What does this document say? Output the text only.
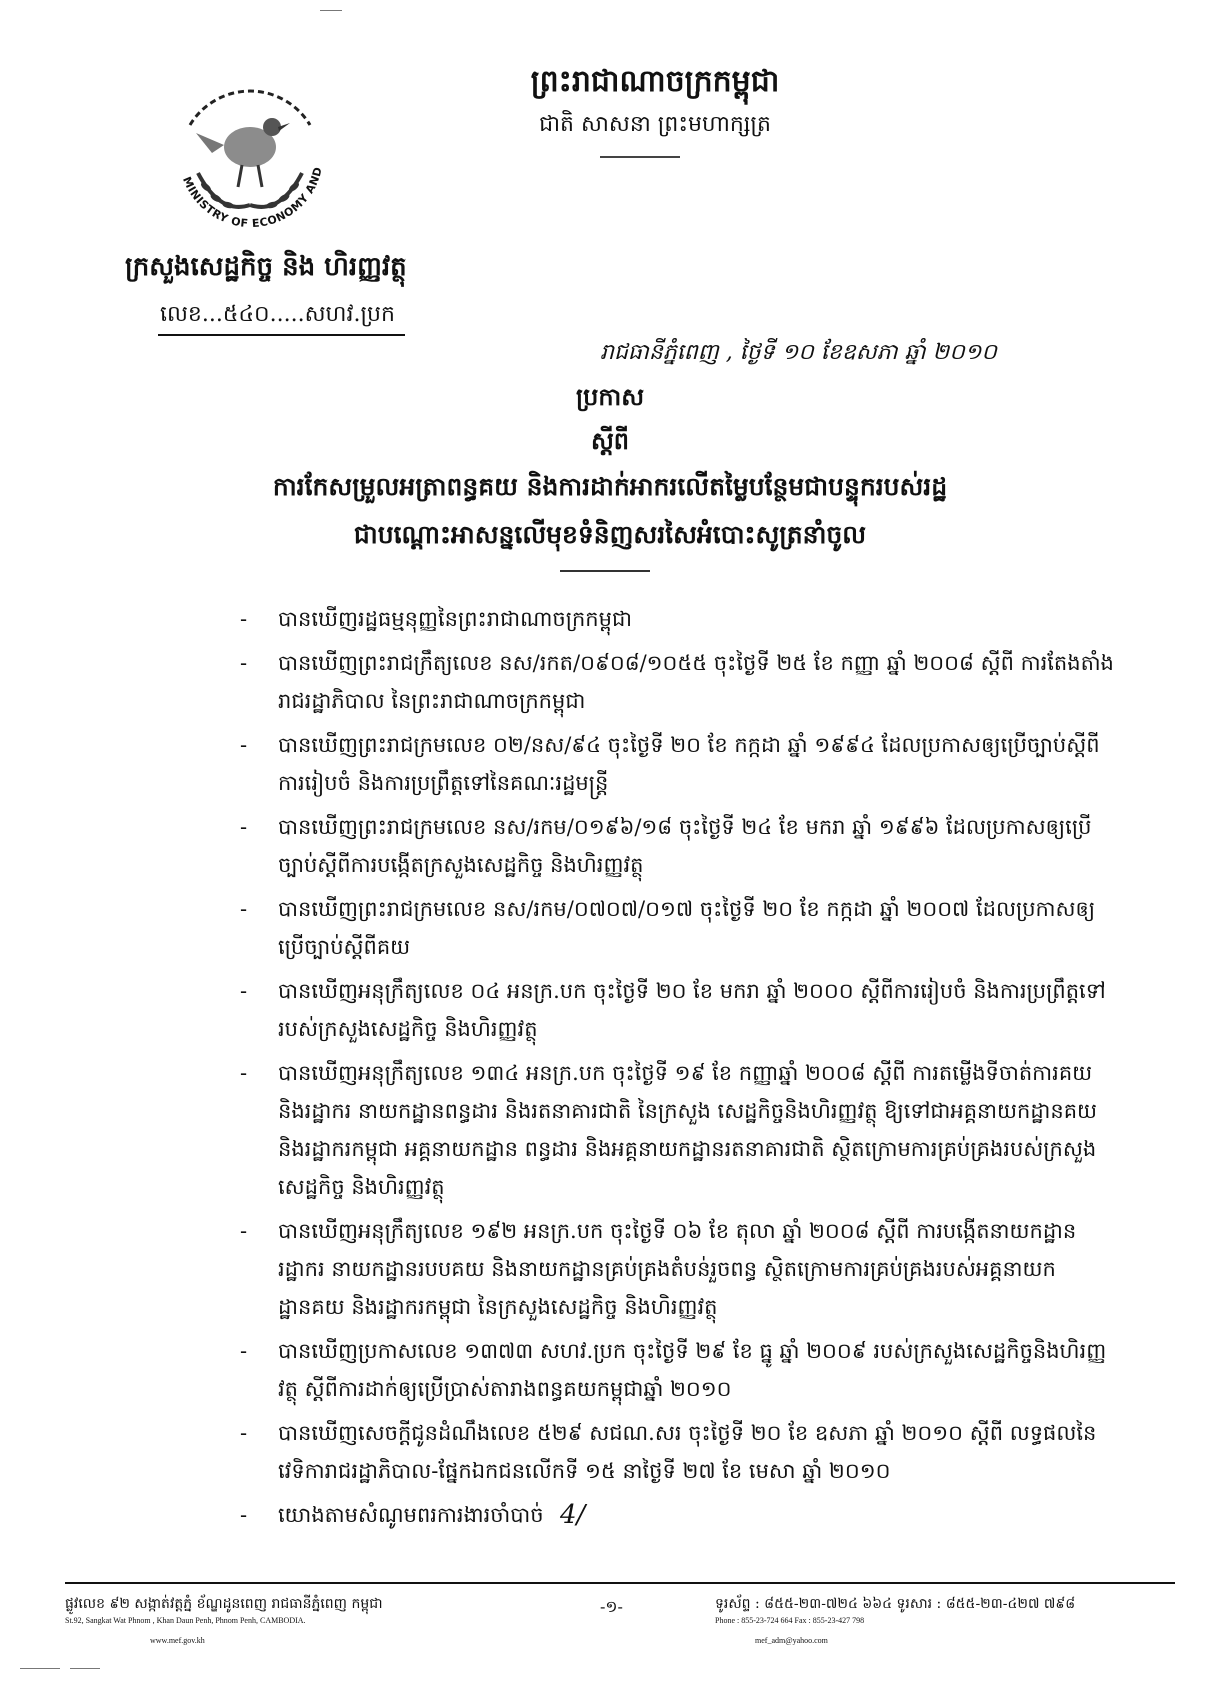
MINISTRY OF ECONOMY AND
ក្រសួងសេដ្ឋកិច្ច និង ហិរញ្ញវត្ថុ
លេខ...៥៤០.....សហវ.ប្រក
ព្រះរាជាណាចក្រកម្ពុជា
ជាតិ សាសនា ព្រះមហាក្សត្រ
រាជធានីភ្នំពេញ , ថ្ងៃទី ១០ ខែឧសភា ឆ្នាំ ២០១០
ប្រកាស
ស្តីពី
ការកែសម្រួលអត្រាពន្ធគយ និងការដាក់អាករលើតម្លៃបន្ថែមជាបន្ទុករបស់រដ្ឋ
ជាបណ្តោះអាសន្នលើមុខទំនិញសរសៃអំបោះសូត្រនាំចូល
- បានឃើញរដ្ឋធម្មនុញ្ញនៃព្រះរាជាណាចក្រកម្ពុជា

- បានឃើញព្រះរាជក្រឹត្យលេខ នស/រកត/០៩០៨/១០៥៥ ចុះថ្ងៃទី ២៥ ខែ កញ្ញា ឆ្នាំ ២០០៨ ស្តីពី ការតែងតាំងរាជរដ្ឋាភិបាល នៃព្រះរាជាណាចក្រកម្ពុជា

- បានឃើញព្រះរាជក្រមលេខ ០២/នស/៩៤ ចុះថ្ងៃទី ២០ ខែ កក្កដា ឆ្នាំ ១៩៩៤ ដែលប្រកាសឲ្យប្រើច្បាប់ស្តីពីការរៀបចំ និងការប្រព្រឹត្តទៅនៃគណៈរដ្ឋមន្ត្រី

- បានឃើញព្រះរាជក្រមលេខ នស/រកម/០១៩៦/១៨ ចុះថ្ងៃទី ២៤ ខែ មករា ឆ្នាំ ១៩៩៦ ដែលប្រកាសឲ្យប្រើច្បាប់ស្តីពីការបង្កើតក្រសួងសេដ្ឋកិច្ច និងហិរញ្ញវត្ថុ

- បានឃើញព្រះរាជក្រមលេខ នស/រកម/០៧០៧/០១៧ ចុះថ្ងៃទី ២០ ខែ កក្កដា ឆ្នាំ ២០០៧ ដែលប្រកាសឲ្យប្រើច្បាប់ស្តីពីគយ

- បានឃើញអនុក្រឹត្យលេខ ០៤ អនក្រ.បក ចុះថ្ងៃទី ២០ ខែ មករា ឆ្នាំ ២០០០ ស្តីពីការរៀបចំ និងការប្រព្រឹត្តទៅរបស់ក្រសួងសេដ្ឋកិច្ច និងហិរញ្ញវត្ថុ

- បានឃើញអនុក្រឹត្យលេខ ១៣៤ អនក្រ.បក ចុះថ្ងៃទី ១៩ ខែ កញ្ញាឆ្នាំ ២០០៨ ស្តីពី ការតម្លើងទីចាត់ការគយ និងរដ្ឋាករ នាយកដ្ឋានពន្ធដារ និងរតនាគារជាតិ នៃក្រសួង សេដ្ឋកិច្ចនិងហិរញ្ញវត្ថុ ឱ្យទៅជាអគ្គនាយកដ្ឋានគយ និងរដ្ឋាករកម្ពុជា អគ្គនាយកដ្ឋាន ពន្ធដារ និងអគ្គនាយកដ្ឋានរតនាគារជាតិ ស្ថិតក្រោមការគ្រប់គ្រងរបស់ក្រសួងសេដ្ឋកិច្ច និងហិរញ្ញវត្ថុ

- បានឃើញអនុក្រឹត្យលេខ ១៩២ អនក្រ.បក ចុះថ្ងៃទី ០៦ ខែ តុលា ឆ្នាំ ២០០៨ ស្តីពី ការបង្កើតនាយកដ្ឋានរដ្ឋាករ នាយកដ្ឋានរបបគយ និងនាយកដ្ឋានគ្រប់គ្រងតំបន់រួចពន្ធ ស្ថិតក្រោមការគ្រប់គ្រងរបស់អគ្គនាយកដ្ឋានគយ និងរដ្ឋាករកម្ពុជា នៃក្រសួងសេដ្ឋកិច្ច និងហិរញ្ញវត្ថុ

- បានឃើញប្រកាសលេខ ១៣៧៣ សហវ.ប្រក ចុះថ្ងៃទី ២៩ ខែ ធ្នូ ឆ្នាំ ២០០៩ របស់ក្រសួងសេដ្ឋកិច្ចនិងហិរញ្ញវត្ថុ ស្តីពីការដាក់ឲ្យប្រើប្រាស់តារាងពន្ធគយកម្ពុជាឆ្នាំ ២០១០

- បានឃើញសេចក្តីជូនដំណឹងលេខ ៥២៩ សជណ.សរ ចុះថ្ងៃទី ២០ ខែ ឧសភា ឆ្នាំ ២០១០ ស្តីពី លទ្ធផលនៃវេទិការាជរដ្ឋាភិបាល-ផ្នែកឯកជនលើកទី ១៥ នាថ្ងៃទី ២៧ ខែ មេសា ឆ្នាំ ២០១០

- យោងតាមសំណូមពរការងារចាំបាច់ 4/
ផ្លូវលេខ ៩២ សង្កាត់វត្តភ្នំ ខ័ណ្ឌដូនពេញ រាជធានីភ្នំពេញ កម្ពុជា
St.92, Sangkat Wat Phnom , Khan Daun Penh, Phnom Penh, CAMBODIA.
www.mef.gov.kh
-១-	ទូរស័ព្ទ : ៨៥៥-២៣-៧២៤ ៦៦៤ ទូរសារ : ៨៥៥-២៣-៤២៧ ៧៩៨
Phone : 855-23-724 664 Fax : 855-23-427 798
mef_adm@yahoo.com
